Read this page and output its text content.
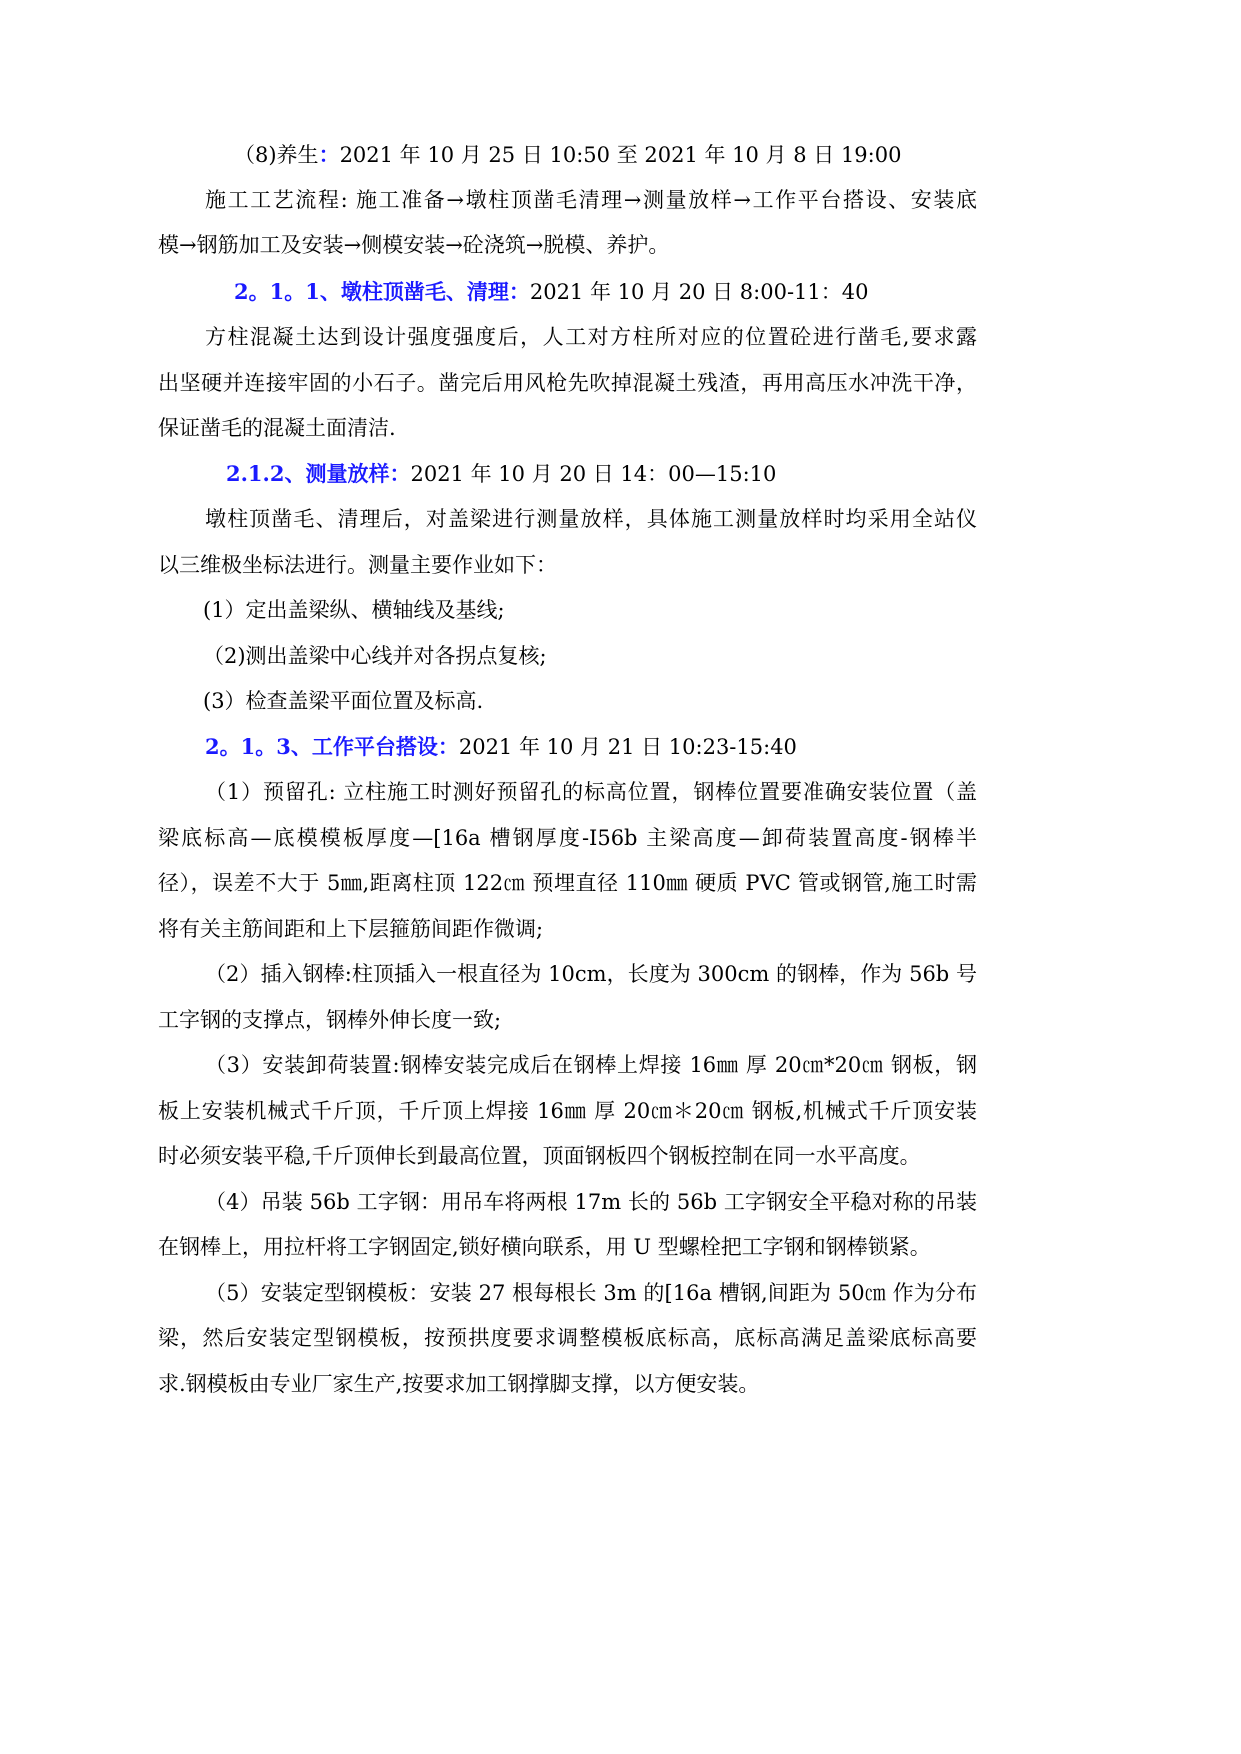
（8)养生：2021 年 10 月 25 日 10:50 至 2021 年 10 月 8 日 19:00
施工工艺流程: 施工准备→墩柱顶凿毛清理→测量放样→工作平台搭设、安装底
模→钢筋加工及安装→侧模安装→砼浇筑→脱模、养护。
2。1。1、墩柱顶凿毛、清理：2021 年 10 月 20 日 8:00-11：40
方柱混凝土达到设计强度强度后，人工对方柱所对应的位置砼进行凿毛,要求露
出坚硬并连接牢固的小石子。凿完后用风枪先吹掉混凝土残渣，再用高压水冲洗干净，
保证凿毛的混凝土面清洁.
2.1.2、测量放样：2021 年 10 月 20 日 14：00—15:10
墩柱顶凿毛、清理后，对盖梁进行测量放样，具体施工测量放样时均采用全站仪
以三维极坐标法进行。测量主要作业如下：
(1）定出盖梁纵、横轴线及基线;
（2)测出盖梁中心线并对各拐点复核;
(3）检查盖梁平面位置及标高.
2。1。3、工作平台搭设：2021 年 10 月 21 日 10:23-15:40
（1）预留孔: 立柱施工时测好预留孔的标高位置，钢棒位置要准确安装位置（盖
梁底标高—底模模板厚度—[16a 槽钢厚度-I56b 主梁高度—卸荷装置高度-钢棒半
径），误差不大于 5㎜,距离柱顶 122㎝ 预埋直径 110㎜ 硬质 PVC 管或钢管,施工时需
将有关主筋间距和上下层箍筋间距作微调;
（2）插入钢棒:柱顶插入一根直径为 10cm，长度为 300cm 的钢棒，作为 56b 号
工字钢的支撑点，钢棒外伸长度一致;
（3）安装卸荷装置:钢棒安装完成后在钢棒上焊接 16㎜ 厚 20㎝*20㎝ 钢板，钢
板上安装机械式千斤顶，千斤顶上焊接 16㎜ 厚 20㎝＊20㎝ 钢板,机械式千斤顶安装
时必须安装平稳,千斤顶伸长到最高位置，顶面钢板四个钢板控制在同一水平高度。
（4）吊装 56b 工字钢：用吊车将两根 17m 长的 56b 工字钢安全平稳对称的吊装
在钢棒上，用拉杆将工字钢固定,锁好横向联系，用 U 型螺栓把工字钢和钢棒锁紧。
（5）安装定型钢模板：安装 27 根每根长 3m 的[16a 槽钢,间距为 50㎝ 作为分布
梁，然后安装定型钢模板，按预拱度要求调整模板底标高，底标高满足盖梁底标高要
求.钢模板由专业厂家生产,按要求加工钢撑脚支撑，以方便安装。
